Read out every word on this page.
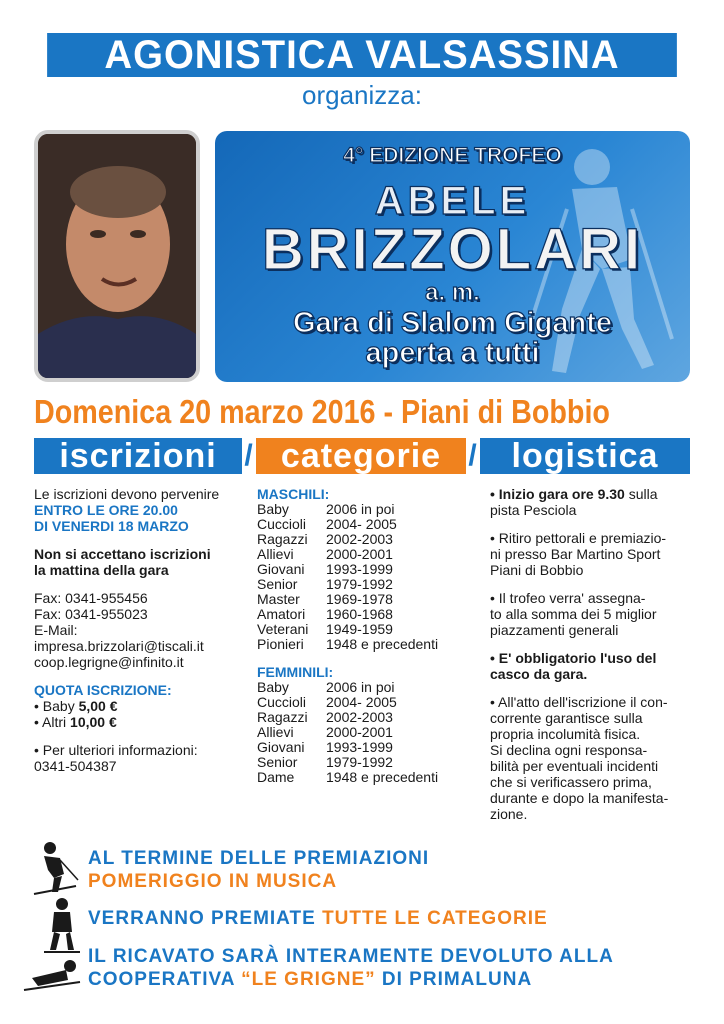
AGONISTICA VALSASSINA
organizza:
4° EDIZIONE TROFEO
ABELE
BRIZZOLARI
a. m.
Gara di Slalom Gigante
aperta a tutti
Domenica 20 marzo 2016 - Piani di Bobbio
iscrizioni / categorie / logistica
Le iscrizioni devono pervenire
ENTRO LE ORE 20.00
DI VENERDI 18 MARZO
Non si accettano iscrizioni
la mattina della gara
Fax: 0341-955456
Fax: 0341-955023
E-Mail:
impresa.brizzolari@tiscali.it
coop.legrigne@infinito.it
QUOTA ISCRIZIONE:
• Baby 5,00 €
• Altri 10,00 €
• Per ulteriori informazioni:
0341-504387
MASCHILI:
Baby	2006 in poi
Cuccioli	2004- 2005
Ragazzi	2002-2003
Allievi	2000-2001
Giovani	1993-1999
Senior	1979-1992
Master	1969-1978
Amatori	1960-1968
Veterani	1949-1959
Pionieri	1948 e precedenti
FEMMINILI:
Baby	2006 in poi
Cuccioli	2004- 2005
Ragazzi	2002-2003
Allievi	2000-2001
Giovani	1993-1999
Senior	1979-1992
Dame	1948 e precedenti
• Inizio gara ore 9.30 sulla
pista Pesciola
• Ritiro pettorali e premiazio-
ni presso Bar Martino Sport
Piani di Bobbio
• Il trofeo verra' assegna-
to alla somma dei 5 miglior
piazzamenti generali
• E' obbligatorio l'uso del
casco da gara.
• All'atto dell'iscrizione il con-
corrente garantisce sulla
propria incolumità fisica.
Si declina ogni responsa-
bilità per eventuali incidenti
che si verificassero prima,
durante e dopo la manifesta-
zione.
AL TERMINE DELLE PREMIAZIONI
POMERIGGIO IN MUSICA
VERRANNO PREMIATE TUTTE LE CATEGORIE
IL RICAVATO SARÀ INTERAMENTE DEVOLUTO ALLA
COOPERATIVA “LE GRIGNE” DI PRIMALUNA
